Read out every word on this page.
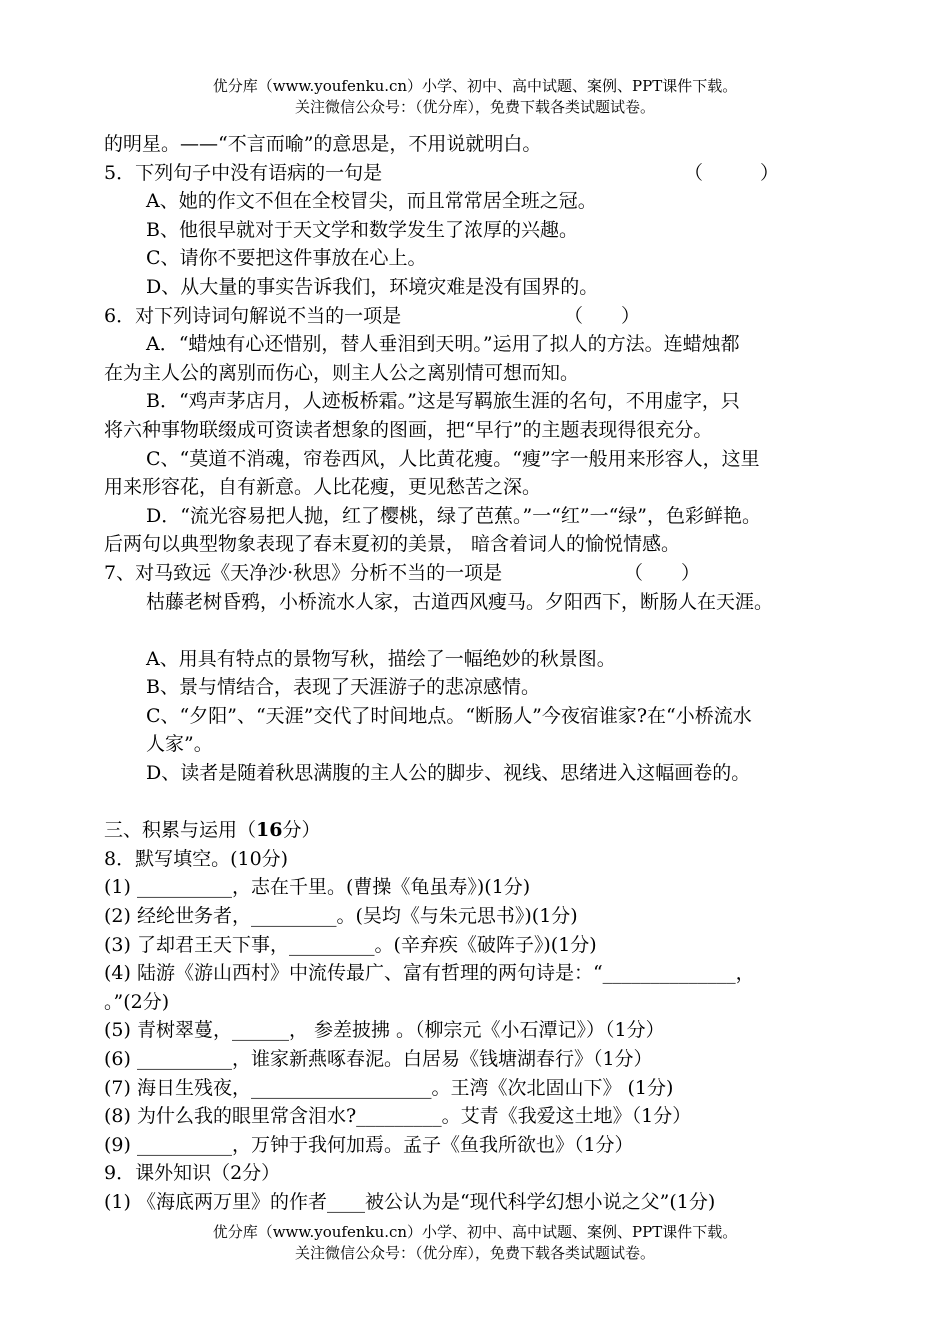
优分库（www.youfenku.cn）小学、初中、高中试题、案例、PPT课件下载。
关注微信公众号：（优分库），免费下载各类试题试卷。
的明星。——“不言而喻”的意思是，不用说就明白。
5．下列句子中没有语病的一句是	（　　　）
A、她的作文不但在全校冒尖，而且常常居全班之冠。
B、他很早就对于天文学和数学发生了浓厚的兴趣。
C、请你不要把这件事放在心上。
D、从大量的事实告诉我们，环境灾难是没有国界的。
6．对下列诗词句解说不当的一项是	（　　）
A．“蜡烛有心还惜别，替人垂泪到天明。”运用了拟人的方法。连蜡烛都
在为主人公的离别而伤心，则主人公之离别情可想而知。
B．“鸡声茅店月，人迹板桥霜。”这是写羁旅生涯的名句，不用虚字，只
将六种事物联缀成可资读者想象的图画，把“早行”的主题表现得很充分。
C、“莫道不消魂，帘卷西风，人比黄花瘦。“瘦”字一般用来形容人，这里
用来形容花，自有新意。人比花瘦，更见愁苦之深。
D．“流光容易把人抛，红了樱桃，绿了芭蕉。”一“红”一“绿”，色彩鲜艳。
后两句以典型物象表现了春末夏初的美景， 暗含着词人的愉悦情感。
7、对马致远《天净沙·秋思》分析不当的一项是	（　　）
枯藤老树昏鸦，小桥流水人家，古道西风瘦马。夕阳西下，断肠人在天涯。
A、用具有特点的景物写秋，描绘了一幅绝妙的秋景图。
B、景与情结合，表现了天涯游子的悲凉感情。
C、“夕阳”、“天涯”交代了时间地点。“断肠人”今夜宿谁家?在“小桥流水
人家”。
D、读者是随着秋思满腹的主人公的脚步、视线、思绪进入这幅画卷的。
三、积累与运用（16分）
8．默写填空。(10分)
(1) __________，志在千里。(曹操《龟虽寿》)(1分)
(2) 经纶世务者，_________。(吴均《与朱元思书》)(1分)
(3) 了却君王天下事，_________。(辛弃疾《破阵子》)(1分)
(4) 陆游《游山西村》中流传最广、富有哲理的两句诗是：“______________，
。”(2分)
(5) 青树翠蔓，______， 参差披拂 。（柳宗元《小石潭记》）（1分）
(6) __________，谁家新燕啄春泥。白居易《钱塘湖春行》（1分）
(7) 海日生残夜，___________________。王湾《次北固山下》 (1分)
(8) 为什么我的眼里常含泪水?_________。艾青《我爱这土地》（1分）
(9) __________，万钟于我何加焉。孟子《鱼我所欲也》（1分）
9．课外知识（2分）
(1) 《海底两万里》的作者____被公认为是“现代科学幻想小说之父”(1分)
优分库（www.youfenku.cn）小学、初中、高中试题、案例、PPT课件下载。
关注微信公众号：（优分库），免费下载各类试题试卷。
